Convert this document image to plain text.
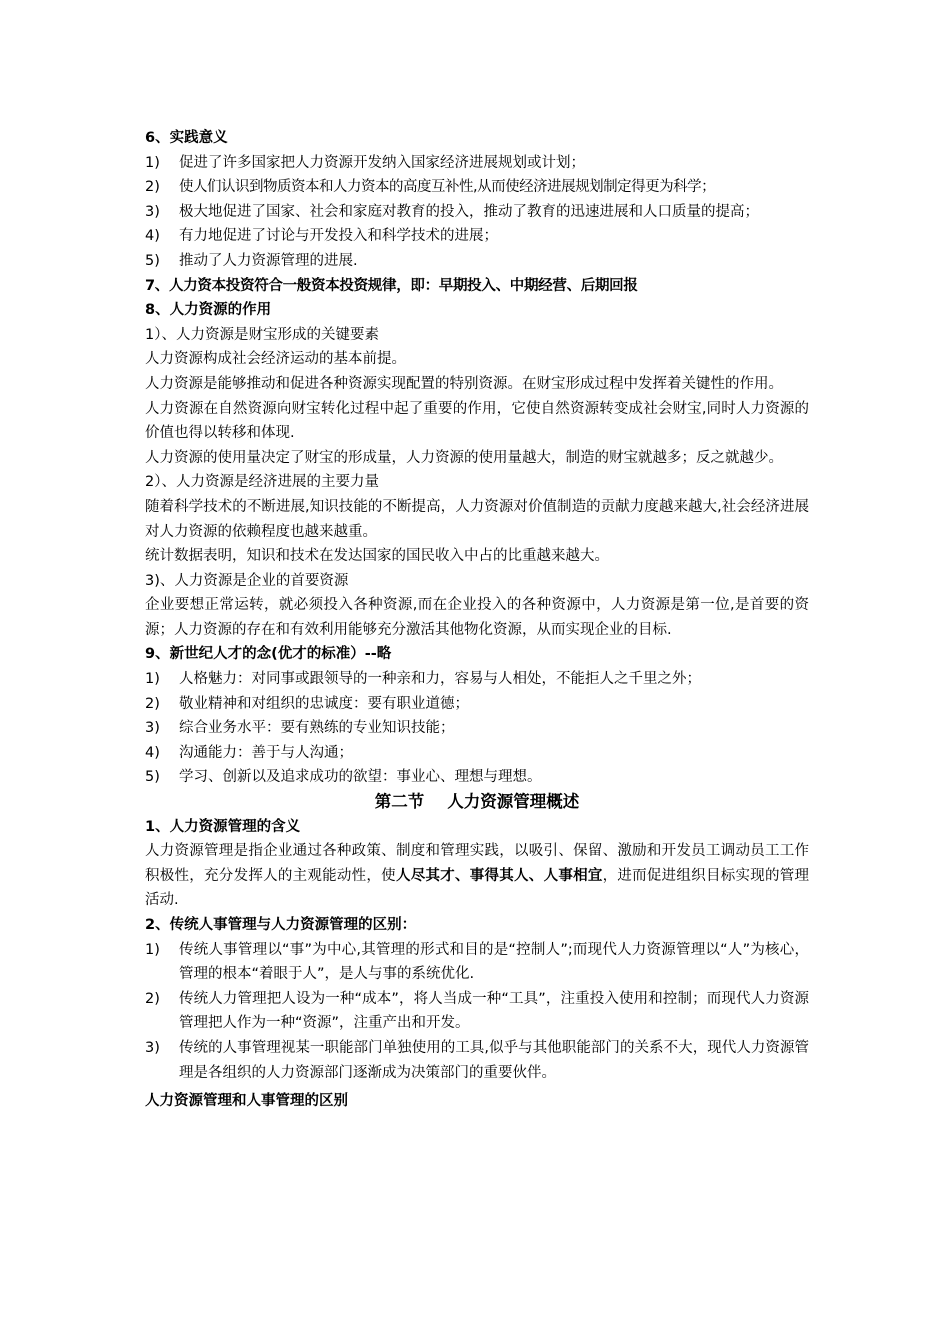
6、实践意义
1)	促进了许多国家把人力资源开发纳入国家经济进展规划或计划；
2)	使人们认识到物质资本和人力资本的高度互补性,从而使经济进展规划制定得更为科学；
3)	极大地促进了国家、社会和家庭对教育的投入，推动了教育的迅速进展和人口质量的提高；
4)	有力地促进了讨论与开发投入和科学技术的进展；
5)	推动了人力资源管理的进展.
7、人力资本投资符合一般资本投资规律，即：早期投入、中期经营、后期回报
8、人力资源的作用
1）、人力资源是财宝形成的关键要素
人力资源构成社会经济运动的基本前提。
人力资源是能够推动和促进各种资源实现配置的特别资源。在财宝形成过程中发挥着关键性的作用。
人力资源在自然资源向财宝转化过程中起了重要的作用，它使自然资源转变成社会财宝,同时人力资源的价值也得以转移和体现.
人力资源的使用量决定了财宝的形成量，人力资源的使用量越大，制造的财宝就越多；反之就越少。
2）、人力资源是经济进展的主要力量
随着科学技术的不断进展,知识技能的不断提高，人力资源对价值制造的贡献力度越来越大,社会经济进展对人力资源的依赖程度也越来越重。
统计数据表明，知识和技术在发达国家的国民收入中占的比重越来越大。
3)、人力资源是企业的首要资源
企业要想正常运转，就必须投入各种资源,而在企业投入的各种资源中，人力资源是第一位,是首要的资源；人力资源的存在和有效利用能够充分激活其他物化资源，从而实现企业的目标.
9、新世纪人才的念(优才的标准）--略
1)	人格魅力：对同事或跟领导的一种亲和力，容易与人相处，不能拒人之千里之外；
2)	敬业精神和对组织的忠诚度：要有职业道德；
3)	综合业务水平：要有熟练的专业知识技能；
4)	沟通能力：善于与人沟通；
5)	学习、创新以及追求成功的欲望：事业心、理想与理想。
第二节    人力资源管理概述
1、人力资源管理的含义
人力资源管理是指企业通过各种政策、制度和管理实践，以吸引、保留、激励和开发员工调动员工工作积极性，充分发挥人的主观能动性，使人尽其才、事得其人、人事相宜，进而促进组织目标实现的管理活动.
2、传统人事管理与人力资源管理的区别：
1)	传统人事管理以“事”为中心,其管理的形式和目的是“控制人”;而现代人力资源管理以“人”为核心，管理的根本“着眼于人”，是人与事的系统优化.
2)	传统人力管理把人设为一种“成本”，将人当成一种“工具ˮ，注重投入使用和控制；而现代人力资源管理把人作为一种“资源”，注重产出和开发。
3)	传统的人事管理视某一职能部门单独使用的工具,似乎与其他职能部门的关系不大，现代人力资源管理是各组织的人力资源部门逐渐成为决策部门的重要伙伴。
人力资源管理和人事管理的区别
